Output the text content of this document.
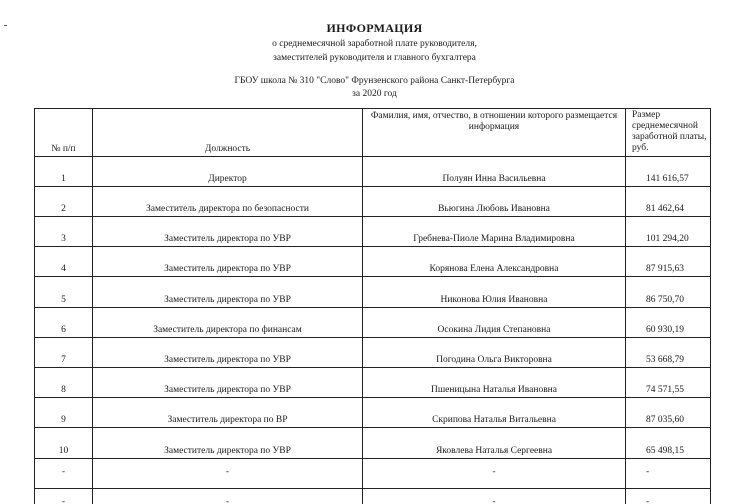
ИНФОРМАЦИЯ
о среднемесячной заработной плате руководителя,
заместителей руководителя и главного бухгалтера
ГБОУ школа № 310 "Слово" Фрунзенского района Санкт-Петербурга
за 2020 год
№ п/п	Должность	Фамилия, имя, отчество, в отношении которого размещается информация	Размер среднемесячной заработной платы, руб.
1	Директор	Полуян Инна Васильевна	141 616,57
2	Заместитель директора по безопасности	Вьюгина Любовь Ивановна	81 462,64
3	Заместитель директора по УВР	Гребнева-Пиоле Марина Владимировна	101 294,20
4	Заместитель директора по УВР	Корянова Елена Александровна	87 915,63
5	Заместитель директора по УВР	Никонова Юлия Ивановна	86 750,70
6	Заместитель директора по финансам	Осокина Лидия Степановна	60 930,19
7	Заместитель директора по УВР	Погодина Ольга Викторовна	53 668,79
8	Заместитель директора по УВР	Пшеницына Наталья Ивановна	74 571,55
9	Заместитель директора по ВР	Скрипова Наталья Витальевна	87 035,60
10	Заместитель директора по УВР	Яковлева Наталья Сергеевна	65 498,15
-	-	-	-
-	-	-	-
